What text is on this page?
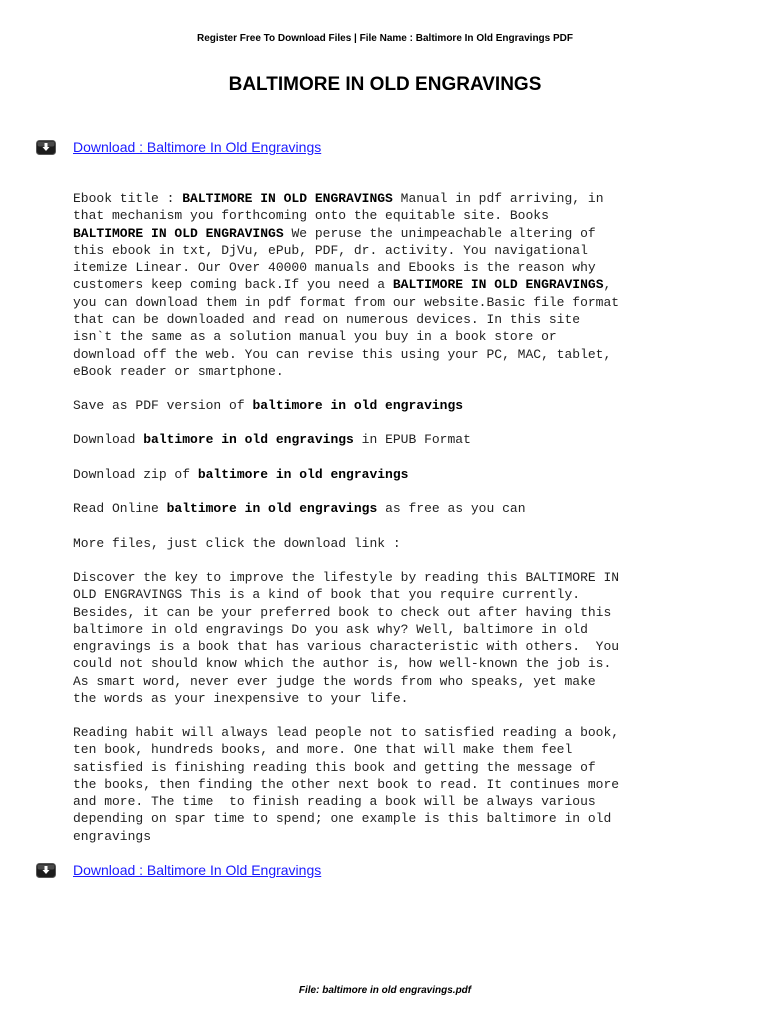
Register Free To Download Files | File Name : Baltimore In Old Engravings PDF
BALTIMORE IN OLD ENGRAVINGS
Download : Baltimore In Old Engravings
Ebook title : BALTIMORE IN OLD ENGRAVINGS Manual in pdf arriving, in
that mechanism you forthcoming onto the equitable site. Books
BALTIMORE IN OLD ENGRAVINGS We peruse the unimpeachable altering of
this ebook in txt, DjVu, ePub, PDF, dr. activity. You navigational
itemize Linear. Our Over 40000 manuals and Ebooks is the reason why
customers keep coming back.If you need a BALTIMORE IN OLD ENGRAVINGS,
you can download them in pdf format from our website.Basic file format
that can be downloaded and read on numerous devices. In this site
isn`t the same as a solution manual you buy in a book store or
download off the web. You can revise this using your PC, MAC, tablet,
eBook reader or smartphone.
Save as PDF version of baltimore in old engravings
Download baltimore in old engravings in EPUB Format
Download zip of baltimore in old engravings
Read Online baltimore in old engravings as free as you can
More files, just click the download link :
Discover the key to improve the lifestyle by reading this BALTIMORE IN
OLD ENGRAVINGS This is a kind of book that you require currently.
Besides, it can be your preferred book to check out after having this
baltimore in old engravings Do you ask why? Well, baltimore in old
engravings is a book that has various characteristic with others.  You
could not should know which the author is, how well-known the job is.
As smart word, never ever judge the words from who speaks, yet make
the words as your inexpensive to your life.
Reading habit will always lead people not to satisfied reading a book,
ten book, hundreds books, and more. One that will make them feel
satisfied is finishing reading this book and getting the message of
the books, then finding the other next book to read. It continues more
and more. The time  to finish reading a book will be always various
depending on spar time to spend; one example is this baltimore in old
engravings
Download : Baltimore In Old Engravings
File: baltimore in old engravings.pdf
